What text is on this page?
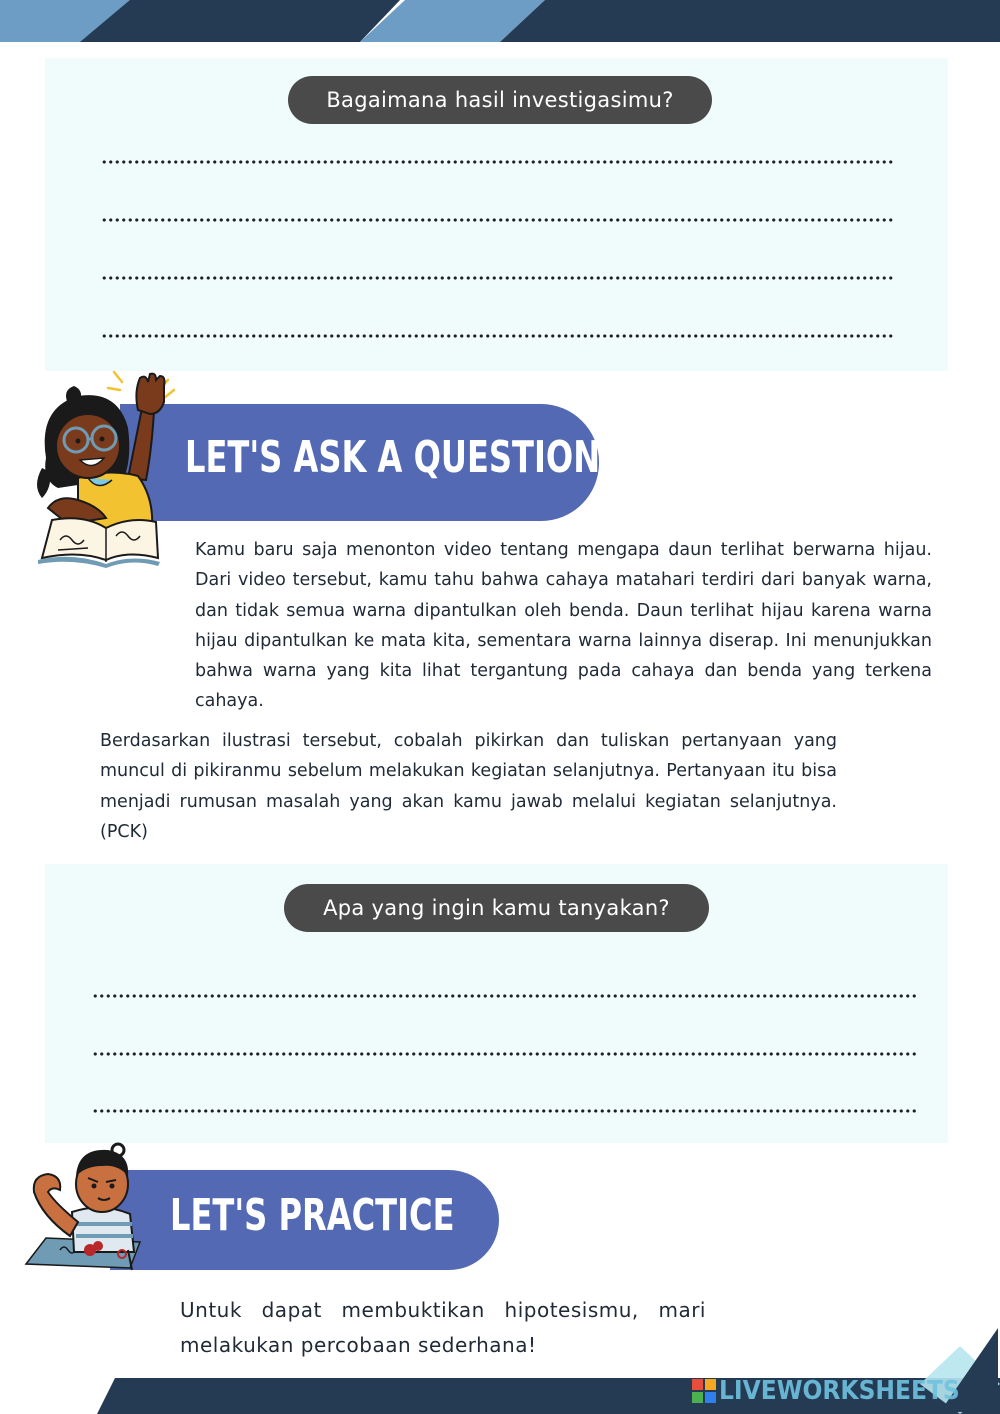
Bagaimana hasil investigasimu?
LET'S ASK A QUESTION
Kamu baru saja menonton video tentang mengapa daun terlihat berwarna hijau. Dari video tersebut, kamu tahu bahwa cahaya matahari terdiri dari banyak warna, dan tidak semua warna dipantulkan oleh benda. Daun terlihat hijau karena warna hijau dipantulkan ke mata kita, sementara warna lainnya diserap. Ini menunjukkan bahwa warna yang kita lihat tergantung pada cahaya dan benda yang terkena cahaya.
Berdasarkan ilustrasi tersebut, cobalah pikirkan dan tuliskan pertanyaan yang muncul di pikiranmu sebelum melakukan kegiatan selanjutnya. Pertanyaan itu bisa menjadi rumusan masalah yang akan kamu jawab melalui kegiatan selanjutnya. (PCK)
Apa yang ingin kamu tanyakan?
LET'S PRACTICE
Untuk dapat membuktikan hipotesismu, mari melakukan percobaan sederhana!
LIVEWORKSHEETS
